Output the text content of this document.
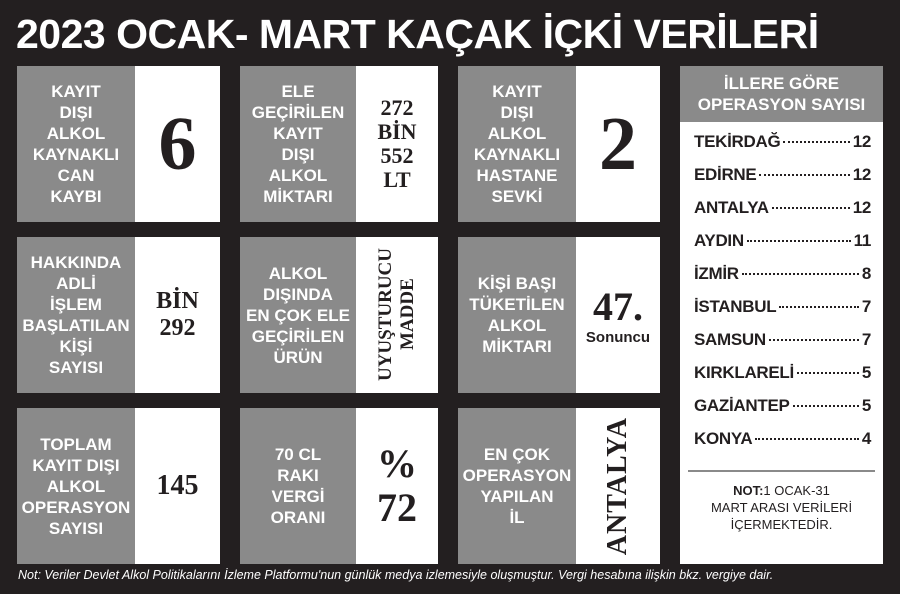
2023 OCAK- MART KAÇAK İÇKİ VERİLERİ
KAYIT
DIŞI
ALKOL
KAYNAKLI
CAN
KAYBI
6
ELE
GEÇİRİLEN
KAYIT
DIŞI
ALKOL
MİKTARI
272
BİN
552
LT
KAYIT
DIŞI
ALKOL
KAYNAKLI
HASTANE
SEVKİ
2
HAKKINDA
ADLİ
İŞLEM
BAŞLATILAN
KİŞİ
SAYISI
BİN
292
ALKOL
DIŞINDA
EN ÇOK ELE
GEÇİRİLEN
ÜRÜN	UYUŞTURUCU
MADDE	KİŞİ BAŞI
TÜKETİLEN
ALKOL
MİKTARI
47.
Sonuncu
TOPLAM
KAYIT DIŞI
ALKOL
OPERASYON
SAYISI
145
70 CL
RAKI
VERGİ
ORANI
%
72
EN ÇOK
OPERASYON
YAPILAN
İL	ANTALYA
İLLERE GÖRE
OPERASYON SAYISI
TEKİRDAĞ	12
EDİRNE	12
ANTALYA	12
AYDIN	11
İZMİR	8
İSTANBUL	7
SAMSUN	7
KIRKLARELİ	5
GAZİANTEP	5
KONYA	4
NOT:1 OCAK-31
MART ARASI VERİLERİ
İÇERMEKTEDİR.
Not: Veriler Devlet Alkol Politikalarını İzleme Platformu'nun günlük medya izlemesiyle oluşmuştur. Vergi hesabına ilişkin bkz. vergiye dair.
